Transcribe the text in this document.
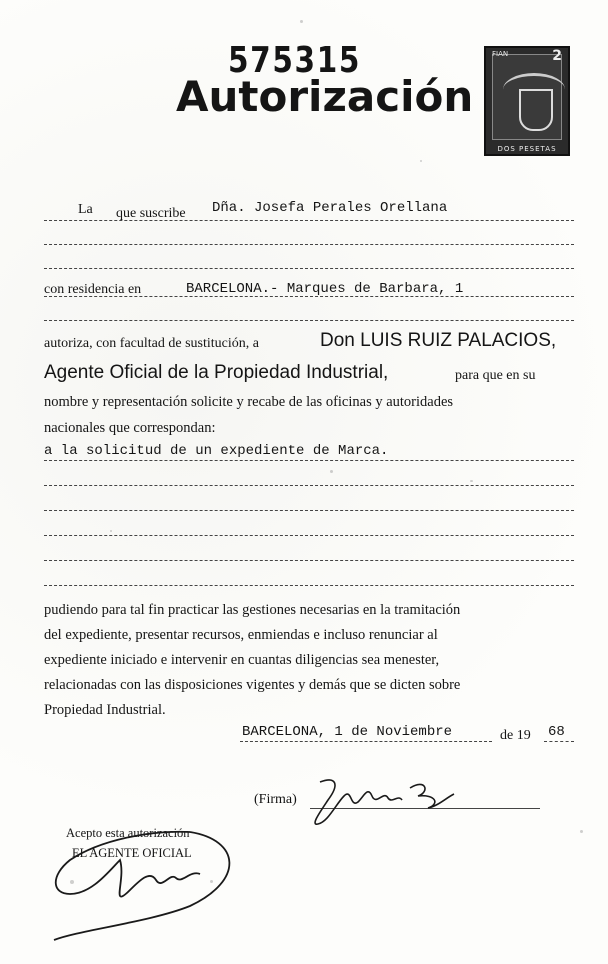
575315
Autorización
FIAN	2
DOS PESETAS
La que suscribe Dña. Josefa Perales Orellana
con residencia en	BARCELONA.- Marques de Barbara, 1
autoriza, con facultad de sustitución, a	Don LUIS RUIZ PALACIOS,
Agente Oficial de la Propiedad Industrial,	para que en su
nombre y representación solicite y recabe de las oficinas y autoridades
nacionales que correspondan:
a la solicitud de un expediente de Marca.
pudiendo para tal fin practicar las gestiones necesarias en la tramitación
del expediente, presentar recursos, enmiendas e incluso renunciar al
expediente iniciado e intervenir en cuantas diligencias sea menester,
relacionadas con las disposiciones vigentes y demás que se dicten sobre
Propiedad Industrial.
BARCELONA, 1 de Noviembre	de 19 68
(Firma)
Acepto esta autorización
EL AGENTE OFICIAL
